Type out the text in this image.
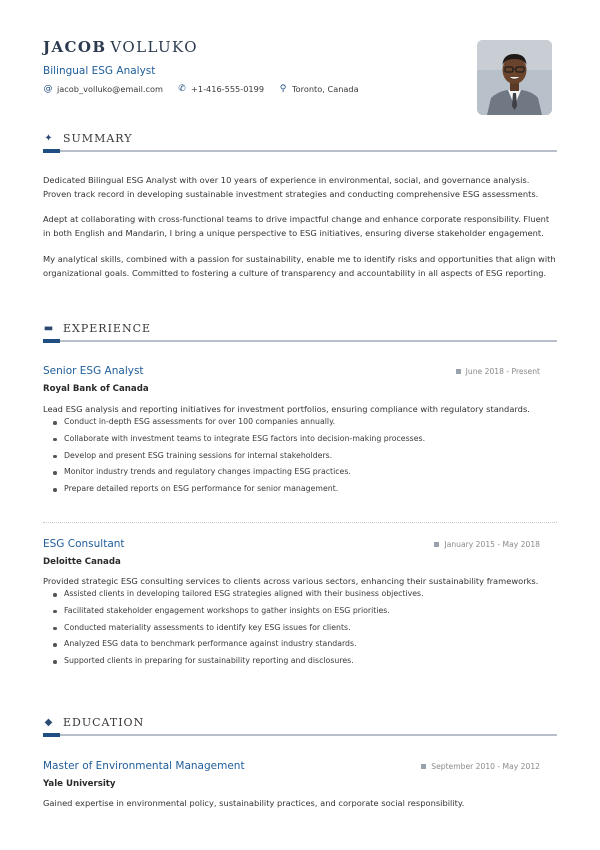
JACOB VOLLUKO
Bilingual ESG Analyst
@ jacob_volluko@email.com ✆ +1-416-555-0199 ⚲ Toronto, Canada
✦ SUMMARY
Dedicated Bilingual ESG Analyst with over 10 years of experience in environmental, social, and governance analysis. Proven track record in developing sustainable investment strategies and conducting comprehensive ESG assessments.
Adept at collaborating with cross-functional teams to drive impactful change and enhance corporate responsibility. Fluent in both English and Mandarin, I bring a unique perspective to ESG initiatives, ensuring diverse stakeholder engagement.
My analytical skills, combined with a passion for sustainability, enable me to identify risks and opportunities that align with organizational goals. Committed to fostering a culture of transparency and accountability in all aspects of ESG reporting.
▬ EXPERIENCE
Senior ESG Analyst	June 2018 - Present
Royal Bank of Canada
Lead ESG analysis and reporting initiatives for investment portfolios, ensuring compliance with regulatory standards.
Conduct in-depth ESG assessments for over 100 companies annually.
Collaborate with investment teams to integrate ESG factors into decision-making processes.
Develop and present ESG training sessions for internal stakeholders.
Monitor industry trends and regulatory changes impacting ESG practices.
Prepare detailed reports on ESG performance for senior management.
ESG Consultant	January 2015 - May 2018
Deloitte Canada
Provided strategic ESG consulting services to clients across various sectors, enhancing their sustainability frameworks.
Assisted clients in developing tailored ESG strategies aligned with their business objectives.
Facilitated stakeholder engagement workshops to gather insights on ESG priorities.
Conducted materiality assessments to identify key ESG issues for clients.
Analyzed ESG data to benchmark performance against industry standards.
Supported clients in preparing for sustainability reporting and disclosures.
◆ EDUCATION
Master of Environmental Management	September 2010 - May 2012
Yale University
Gained expertise in environmental policy, sustainability practices, and corporate social responsibility.
